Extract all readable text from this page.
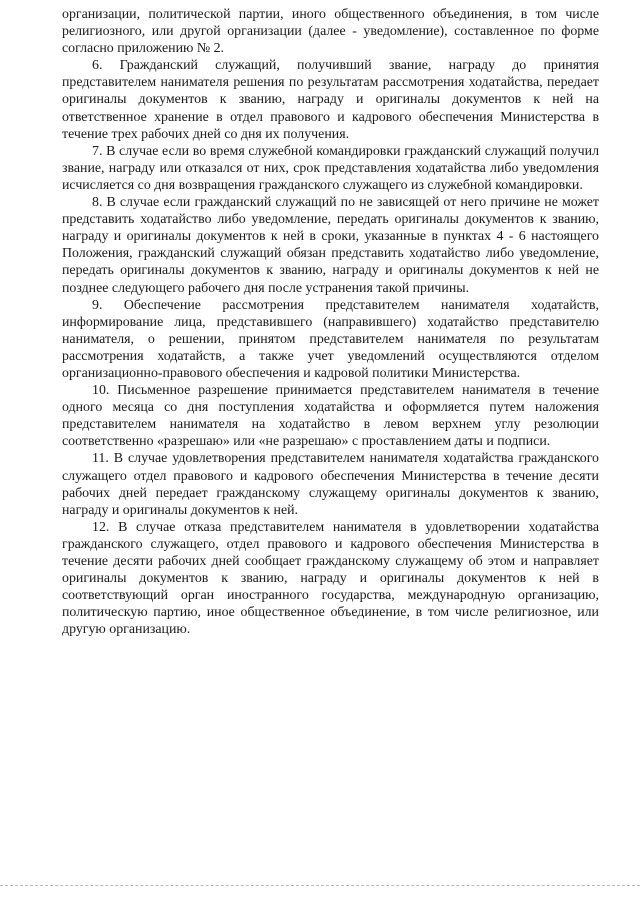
организации, политической партии, иного общественного объединения, в том числе религиозного, или другой организации (далее - уведомление), составленное по форме согласно приложению № 2.

6. Гражданский служащий, получивший звание, награду до принятия представителем нанимателя решения по результатам рассмотрения ходатайства, передает оригиналы документов к званию, награду и оригиналы документов к ней на ответственное хранение в отдел правового и кадрового обеспечения Министерства в течение трех рабочих дней со дня их получения.

7. В случае если во время служебной командировки гражданский служащий получил звание, награду или отказался от них, срок представления ходатайства либо уведомления исчисляется со дня возвращения гражданского служащего из служебной командировки.

8. В случае если гражданский служащий по не зависящей от него причине не может представить ходатайство либо уведомление, передать оригиналы документов к званию, награду и оригиналы документов к ней в сроки, указанные в пунктах 4 - 6 настоящего Положения, гражданский служащий обязан представить ходатайство либо уведомление, передать оригиналы документов к званию, награду и оригиналы документов к ней не позднее следующего рабочего дня после устранения такой причины.

9. Обеспечение рассмотрения представителем нанимателя ходатайств, информирование лица, представившего (направившего) ходатайство представителю нанимателя, о решении, принятом представителем нанимателя по результатам рассмотрения ходатайств, а также учет уведомлений осуществляются отделом организационно-правового обеспечения и кадровой политики Министерства.

10. Письменное разрешение принимается представителем нанимателя в течение одного месяца со дня поступления ходатайства и оформляется путем наложения представителем нанимателя на ходатайство в левом верхнем углу резолюции соответственно «разрешаю» или «не разрешаю» с проставлением даты и подписи.

11. В случае удовлетворения представителем нанимателя ходатайства гражданского служащего отдел правового и кадрового обеспечения Министерства в течение десяти рабочих дней передает гражданскому служащему оригиналы документов к званию, награду и оригиналы документов к ней.

12. В случае отказа представителем нанимателя в удовлетворении ходатайства гражданского служащего, отдел правового и кадрового обеспечения Министерства в течение десяти рабочих дней сообщает гражданскому служащему об этом и направляет оригиналы документов к званию, награду и оригиналы документов к ней в соответствующий орган иностранного государства, международную организацию, политическую партию, иное общественное объединение, в том числе религиозное, или другую организацию.
